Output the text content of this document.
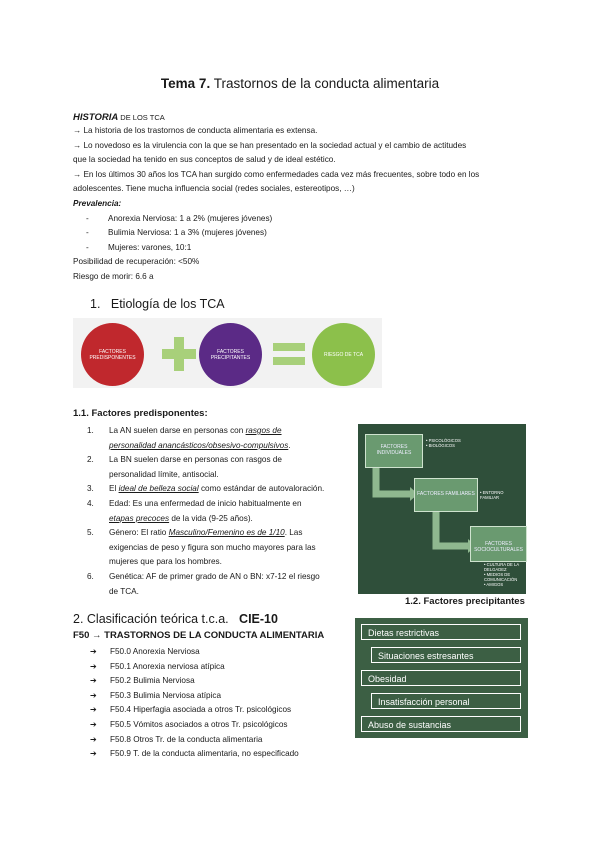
Tema 7. Trastornos de la conducta alimentaria
HISTORIA DE LOS TCA
→ La historia de los trastornos de conducta alimentaria es extensa.
→ Lo novedoso es la virulencia con la que se han presentado en la sociedad actual y el cambio de actitudes
que la sociedad ha tenido en sus conceptos de salud y de ideal estético.
→ En los últimos 30 años los TCA han surgido como enfermedades cada vez más frecuentes, sobre todo en los
adolescentes. Tiene mucha influencia social (redes sociales, estereotipos, …)
Prevalencia:
- Anorexia Nerviosa: 1 a 2% (mujeres jóvenes)
- Bulimia Nerviosa: 1 a 3% (mujeres jóvenes)
- Mujeres: varones, 10:1
Posibilidad de recuperación: <50%
Riesgo de morir: 6.6 a
1. Etiología de los TCA
FACTORES PREDISPONENTES
FACTORES PRECIPITANTES	RIESGO DE TCA
1.1. Factores predisponentes:
1. La AN suelen darse en personas con rasgos de
personalidad anancásticos/obsesivo-compulsivos.
2. La BN suelen darse en personas con rasgos de
personalidad límite, antisocial.
3. El ideal de belleza social como estándar de autovaloración.
4. Edad: Es una enfermedad de inicio habitualmente en
etapas precoces de la vida (9-25 años).
5. Género: El ratio Masculino/Femenino es de 1/10. Las
exigencias de peso y figura son mucho mayores para las
mujeres que para los hombres.
6. Genética: AF de primer grado de AN o BN: x7-12 el riesgo
de TCA.
FACTORES INDIVIDUALES
• PSICOLÓGICOS
• BIOLÓGICOS
FACTORES FAMILIARES	• ENTORNO
FAMILIAR
FACTORES SOCIOCULTURALES
• CULTURA DE LA
DELGADEZ
• MEDIOS DE
COMUNICACIÓN
• AMIGOS
1.2. Factores precipitantes
Dietas restrictivas
Situaciones estresantes
Obesidad
Insatisfacción personal
Abuso de sustancias
2. Clasificación teórica t.c.a. CIE-10
F50 → TRASTORNOS DE LA CONDUCTA ALIMENTARIA
➔ F50.0 Anorexia Nerviosa
➔ F50.1 Anorexia nerviosa atípica
➔ F50.2 Bulimia Nerviosa
➔ F50.3 Bulimia Nerviosa atípica
➔ F50.4 Hiperfagia asociada a otros Tr. psicológicos
➔ F50.5 Vómitos asociados a otros Tr. psicológicos
➔ F50.8 Otros Tr. de la conducta alimentaria
➔ F50.9 T. de la conducta alimentaria, no especificado
